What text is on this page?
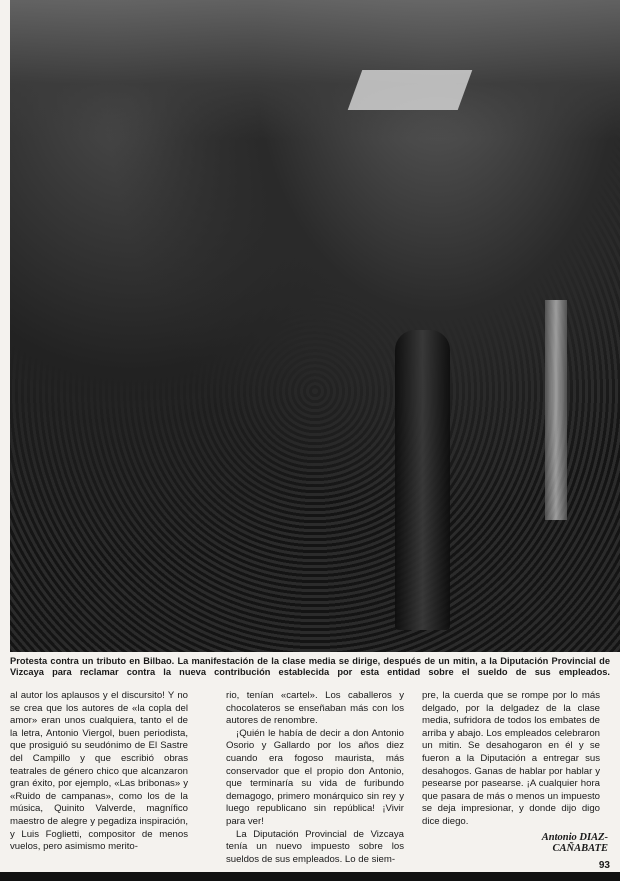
Protesta contra un tributo en Bilbao. La manifestación de la clase media se dirige, después de un mitin, a la Diputación Provincial de Vizcaya para reclamar contra la nueva contribución establecida por esta entidad sobre el sueldo de sus empleados.

al autor los aplausos y el discursito! Y no se crea que los autores de «la copla del amor» eran unos cualquiera, tanto el de la letra, Antonio Viergol, buen periodista, que prosiguió su seudónimo de El Sastre del Campillo y que escribió obras teatrales de género chico que alcanzaron gran éxito, por ejemplo, «Las bribonas» y «Ruido de campanas», como los de la música, Quinito Valverde, magnífico maestro de alegre y pegadiza inspiración, y Luis Foglietti, compositor de menos vuelos, pero asimismo merito-

rio, tenían «cartel». Los caballeros y chocolateros se enseñaban más con los autores de renombre.

¡Quién le había de decir a don Antonio Osorio y Gallardo por los años diez cuando era fogoso maurista, más conservador que el propio don Antonio, que terminaría su vida de furibundo demagogo, primero monárquico sin rey y luego republicano sin república! ¡Vivir para ver!

La Diputación Provincial de Vizcaya tenía un nuevo impuesto sobre los sueldos de sus empleados. Lo de siem-

pre, la cuerda que se rompe por lo más delgado, por la delgadez de la clase media, sufridora de todos los embates de arriba y abajo. Los empleados celebraron un mitin. Se desahogaron en él y se fueron a la Diputación a entregar sus desahogos. Ganas de hablar por hablar y pesearse por pasearse. ¡A cualquier hora que pasara de más o menos un impuesto se deja impresionar, y donde dijo digo dice diego.

Antonio DIAZ-CAÑABATE
93
